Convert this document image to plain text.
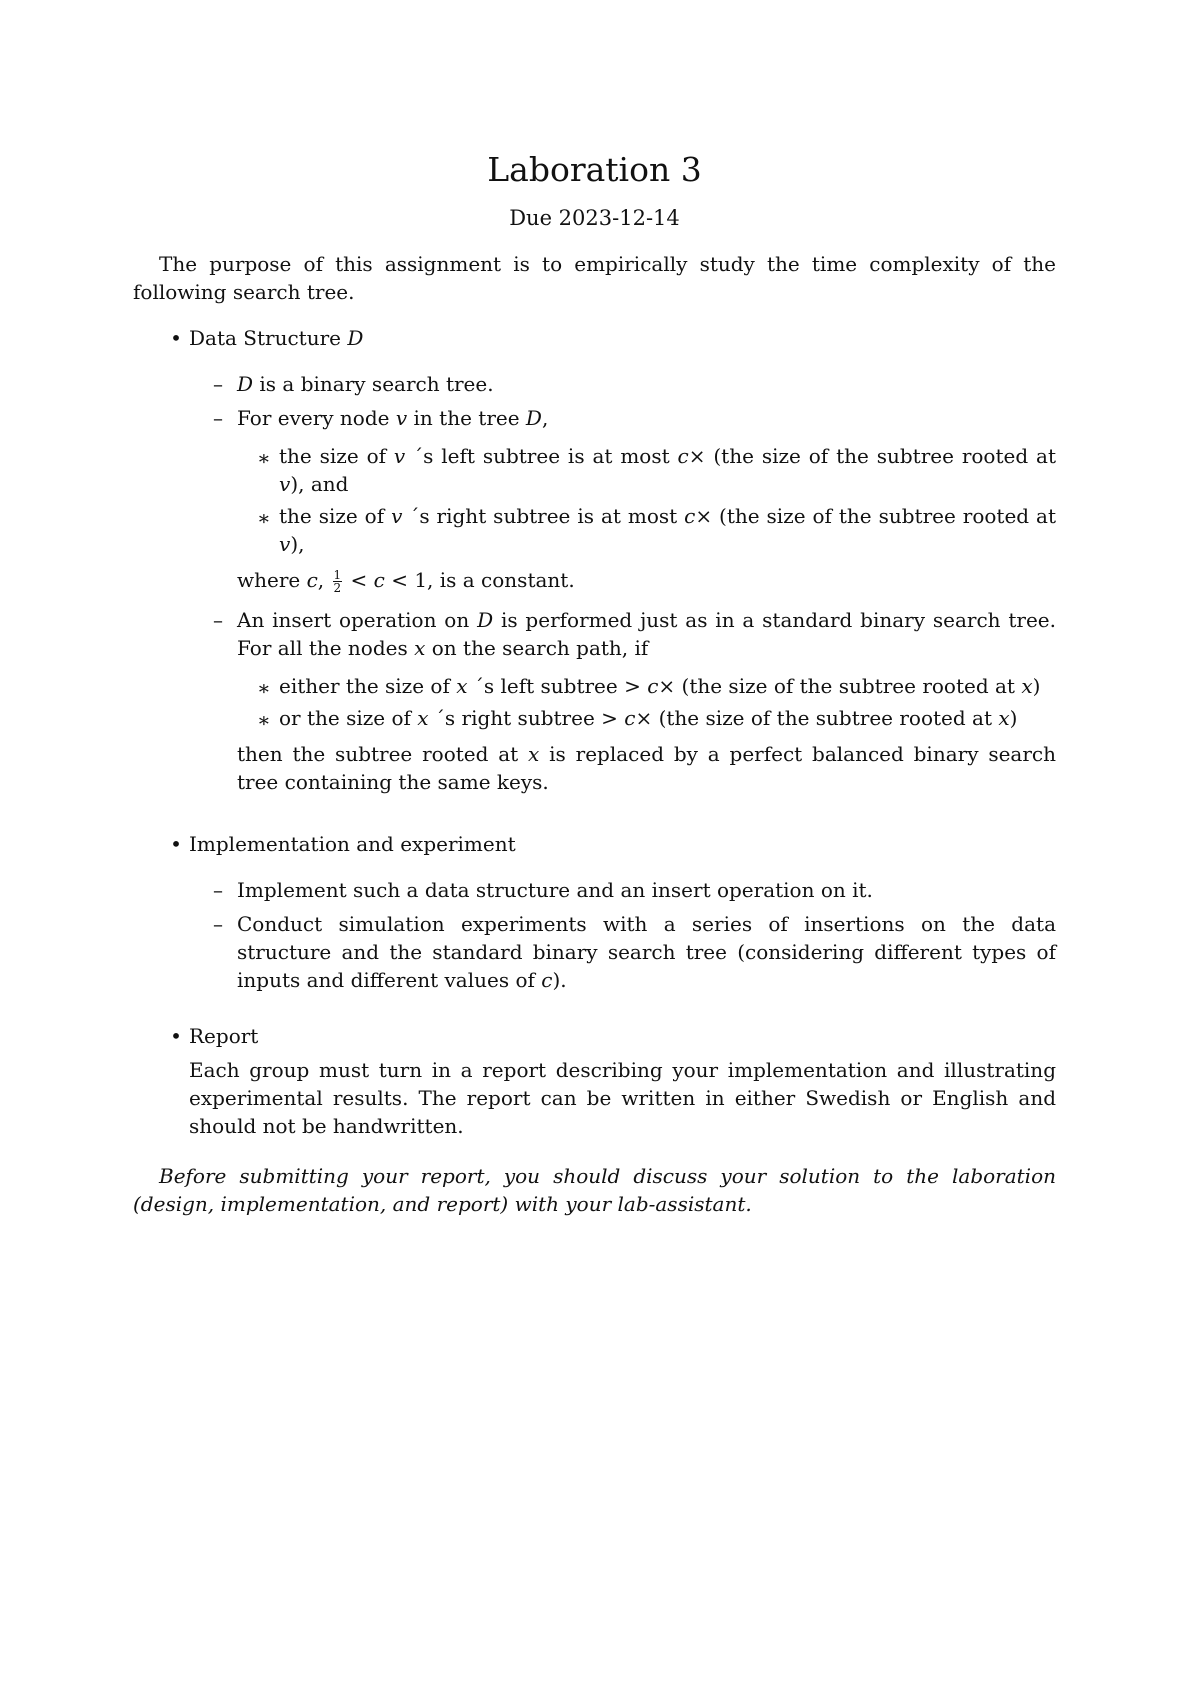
Laboration 3
Due 2023-12-14

The purpose of this assignment is to empirically study the time complexity of the following search tree.

• Data Structure D
– D is a binary search tree.
– For every node v in the tree D,
∗ the size of v ´s left subtree is at most c× (the size of the subtree rooted at v), and
∗ the size of v ´s right subtree is at most c× (the size of the subtree rooted at v),
where c, $\frac{1}{2} < c < 1$, is a constant.
– An insert operation on D is performed just as in a standard binary search tree. For all the nodes x on the search path, if
∗ either the size of x ´s left subtree > c× (the size of the subtree rooted at x)
∗ or the size of x ´s right subtree > c× (the size of the subtree rooted at x)
then the subtree rooted at x is replaced by a perfect balanced binary search tree containing the same keys.
• Implementation and experiment
– Implement such a data structure and an insert operation on it.
– Conduct simulation experiments with a series of insertions on the data structure and the standard binary search tree (considering different types of inputs and different values of c).
• Report
Each group must turn in a report describing your implementation and illustrating experimental results. The report can be written in either Swedish or English and should not be handwritten.

Before submitting your report, you should discuss your solution to the laboration (design, implementation, and report) with your lab-assistant.
